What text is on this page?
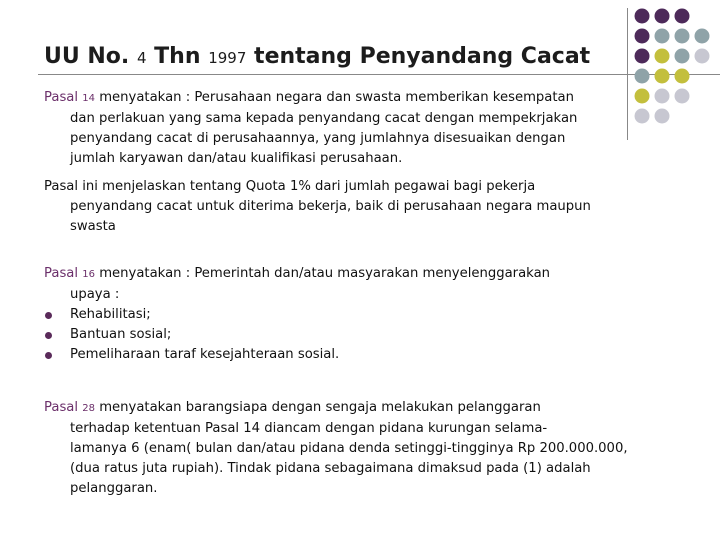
UU No. 4 Thn 1997 tentang Penyandang Cacat
Pasal 14 menyatakan : Perusahaan negara dan swasta memberikan kesempatan
dan perlakuan yang sama kepada penyandang cacat dengan mempekrjakan
penyandang cacat di perusahaannya, yang jumlahnya disesuaikan dengan
jumlah karyawan dan/atau kualifikasi perusahaan.
Pasal ini menjelaskan tentang Quota 1% dari jumlah pegawai bagi pekerja
penyandang cacat untuk diterima bekerja, baik di perusahaan negara maupun
swasta
Pasal 16 menyatakan : Pemerintah dan/atau masyarakan menyelenggarakan
upaya :
Rehabilitasi;
Bantuan sosial;
Pemeliharaan taraf kesejahteraan sosial.
Pasal 28 menyatakan barangsiapa dengan sengaja melakukan pelanggaran
terhadap ketentuan Pasal 14 diancam dengan pidana kurungan selama-
lamanya 6 (enam( bulan dan/atau pidana denda setinggi-tingginya Rp 200.000.000,
(dua ratus juta rupiah). Tindak pidana sebagaimana dimaksud pada (1) adalah
pelanggaran.
